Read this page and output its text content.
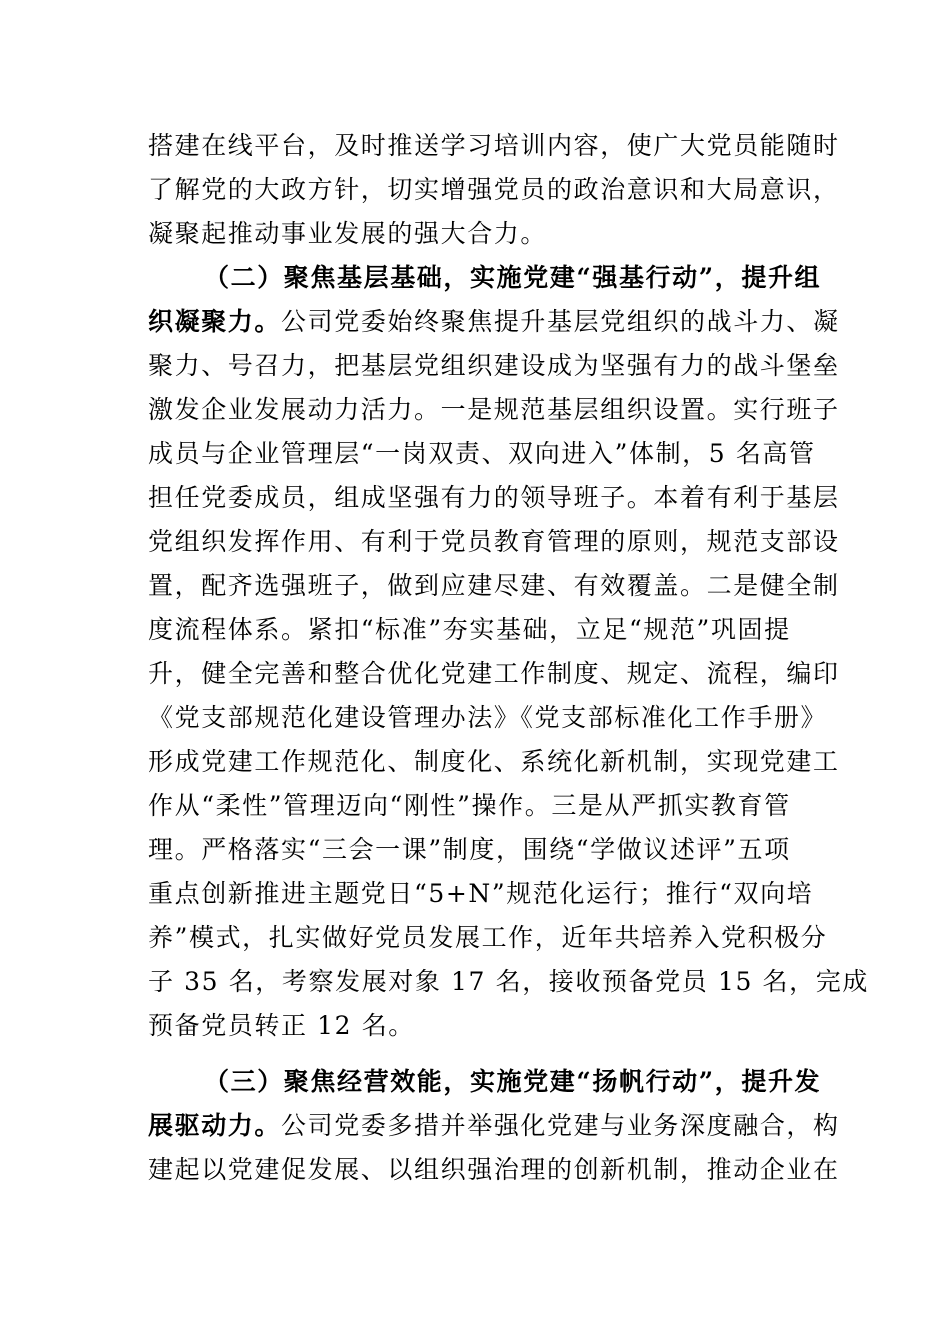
搭建在线平台，及时推送学习培训内容，使广大党员能随时
了解党的大政方针，切实增强党员的政治意识和大局意识，
凝聚起推动事业发展的强大合力。
（二）聚焦基层基础，实施党建“强基行动”，提升组
织凝聚力。公司党委始终聚焦提升基层党组织的战斗力、凝
聚力、号召力，把基层党组织建设成为坚强有力的战斗堡垒
激发企业发展动力活力。一是规范基层组织设置。实行班子
成员与企业管理层“一岗双责、双向进入”体制，5 名高管
担任党委成员，组成坚强有力的领导班子。本着有利于基层
党组织发挥作用、有利于党员教育管理的原则，规范支部设
置，配齐选强班子，做到应建尽建、有效覆盖。二是健全制
度流程体系。紧扣“标准”夯实基础，立足“规范”巩固提
升，健全完善和整合优化党建工作制度、规定、流程，编印
《党支部规范化建设管理办法》《党支部标准化工作手册》
形成党建工作规范化、制度化、系统化新机制，实现党建工
作从“柔性”管理迈向“刚性”操作。三是从严抓实教育管
理。严格落实“三会一课”制度，围绕“学做议述评”五项
重点创新推进主题党日“5+N”规范化运行；推行“双向培
养”模式，扎实做好党员发展工作，近年共培养入党积极分
子 35 名，考察发展对象 17 名，接收预备党员 15 名，完成
预备党员转正 12 名。
（三）聚焦经营效能，实施党建“扬帆行动”，提升发
展驱动力。公司党委多措并举强化党建与业务深度融合，构
建起以党建促发展、以组织强治理的创新机制，推动企业在
